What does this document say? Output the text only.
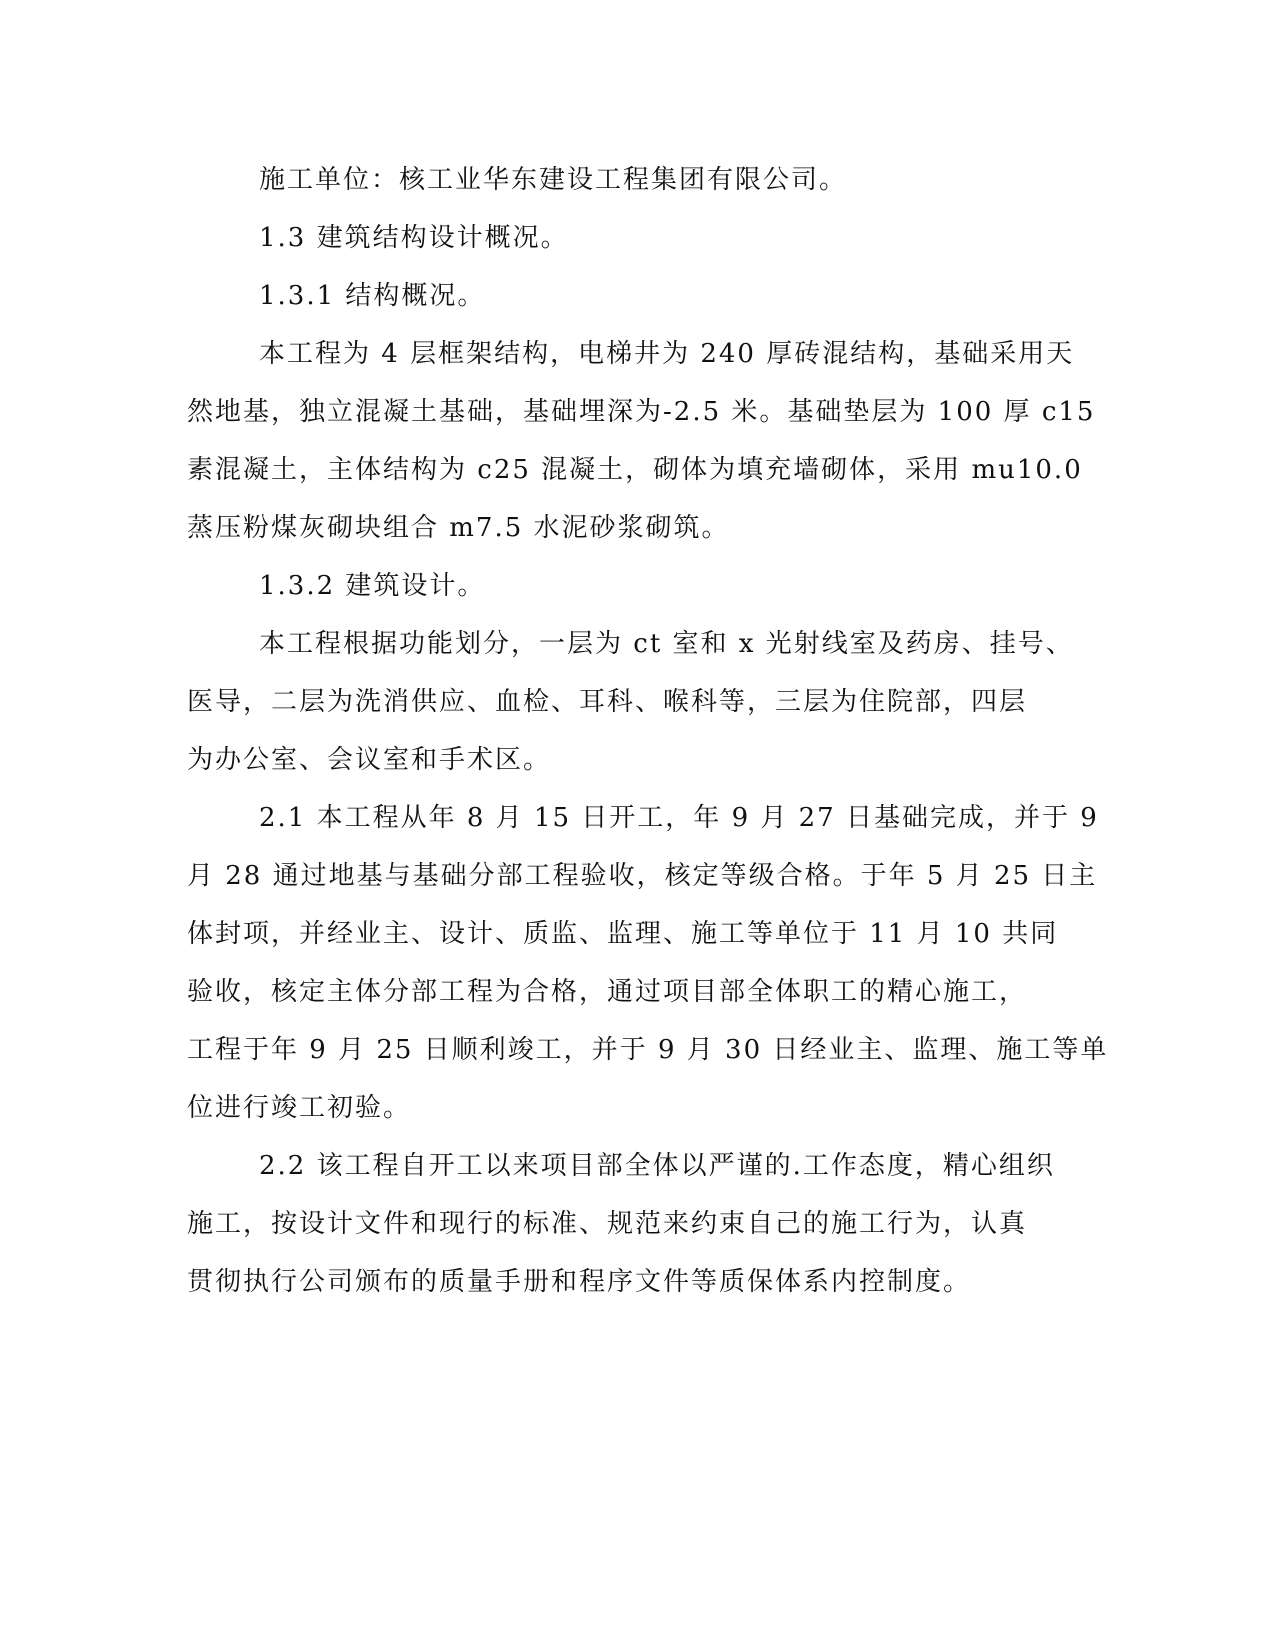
施工单位：核工业华东建设工程集团有限公司。
1.3 建筑结构设计概况。
1.3.1 结构概况。
本工程为 4 层框架结构，电梯井为 240 厚砖混结构，基础采用天
然地基，独立混凝土基础，基础埋深为-2.5 米。基础垫层为 100 厚 c15
素混凝土，主体结构为 c25 混凝土，砌体为填充墙砌体，采用 mu10.0
蒸压粉煤灰砌块组合 m7.5 水泥砂浆砌筑。
1.3.2 建筑设计。
本工程根据功能划分，一层为 ct 室和 x 光射线室及药房、挂号、
医导，二层为洗消供应、血检、耳科、喉科等，三层为住院部，四层
为办公室、会议室和手术区。
2.1 本工程从年 8 月 15 日开工，年 9 月 27 日基础完成，并于 9
月 28 通过地基与基础分部工程验收，核定等级合格。于年 5 月 25 日主
体封项，并经业主、设计、质监、监理、施工等单位于 11 月 10 共同
验收，核定主体分部工程为合格，通过项目部全体职工的精心施工，
工程于年 9 月 25 日顺利竣工，并于 9 月 30 日经业主、监理、施工等单
位进行竣工初验。
2.2 该工程自开工以来项目部全体以严谨的.工作态度，精心组织
施工，按设计文件和现行的标准、规范来约束自己的施工行为，认真
贯彻执行公司颁布的质量手册和程序文件等质保体系内控制度。
